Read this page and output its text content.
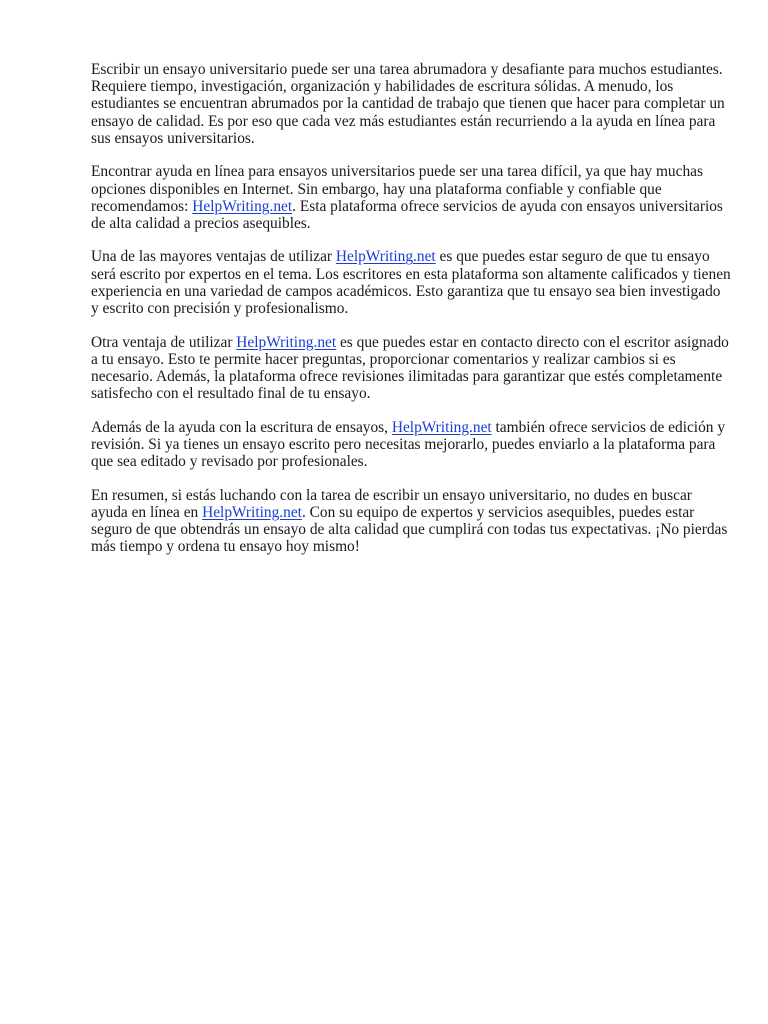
Escribir un ensayo universitario puede ser una tarea abrumadora y desafiante para muchos estudiantes. Requiere tiempo, investigación, organización y habilidades de escritura sólidas. A menudo, los estudiantes se encuentran abrumados por la cantidad de trabajo que tienen que hacer para completar un ensayo de calidad. Es por eso que cada vez más estudiantes están recurriendo a la ayuda en línea para sus ensayos universitarios.

Encontrar ayuda en línea para ensayos universitarios puede ser una tarea difícil, ya que hay muchas opciones disponibles en Internet. Sin embargo, hay una plataforma confiable y confiable que recomendamos: HelpWriting.net. Esta plataforma ofrece servicios de ayuda con ensayos universitarios de alta calidad a precios asequibles.

Una de las mayores ventajas de utilizar HelpWriting.net es que puedes estar seguro de que tu ensayo será escrito por expertos en el tema. Los escritores en esta plataforma son altamente calificados y tienen experiencia en una variedad de campos académicos. Esto garantiza que tu ensayo sea bien investigado y escrito con precisión y profesionalismo.

Otra ventaja de utilizar HelpWriting.net es que puedes estar en contacto directo con el escritor asignado a tu ensayo. Esto te permite hacer preguntas, proporcionar comentarios y realizar cambios si es necesario. Además, la plataforma ofrece revisiones ilimitadas para garantizar que estés completamente satisfecho con el resultado final de tu ensayo.

Además de la ayuda con la escritura de ensayos, HelpWriting.net también ofrece servicios de edición y revisión. Si ya tienes un ensayo escrito pero necesitas mejorarlo, puedes enviarlo a la plataforma para que sea editado y revisado por profesionales.

En resumen, si estás luchando con la tarea de escribir un ensayo universitario, no dudes en buscar ayuda en línea en HelpWriting.net. Con su equipo de expertos y servicios asequibles, puedes estar seguro de que obtendrás un ensayo de alta calidad que cumplirá con todas tus expectativas. ¡No pierdas más tiempo y ordena tu ensayo hoy mismo!
